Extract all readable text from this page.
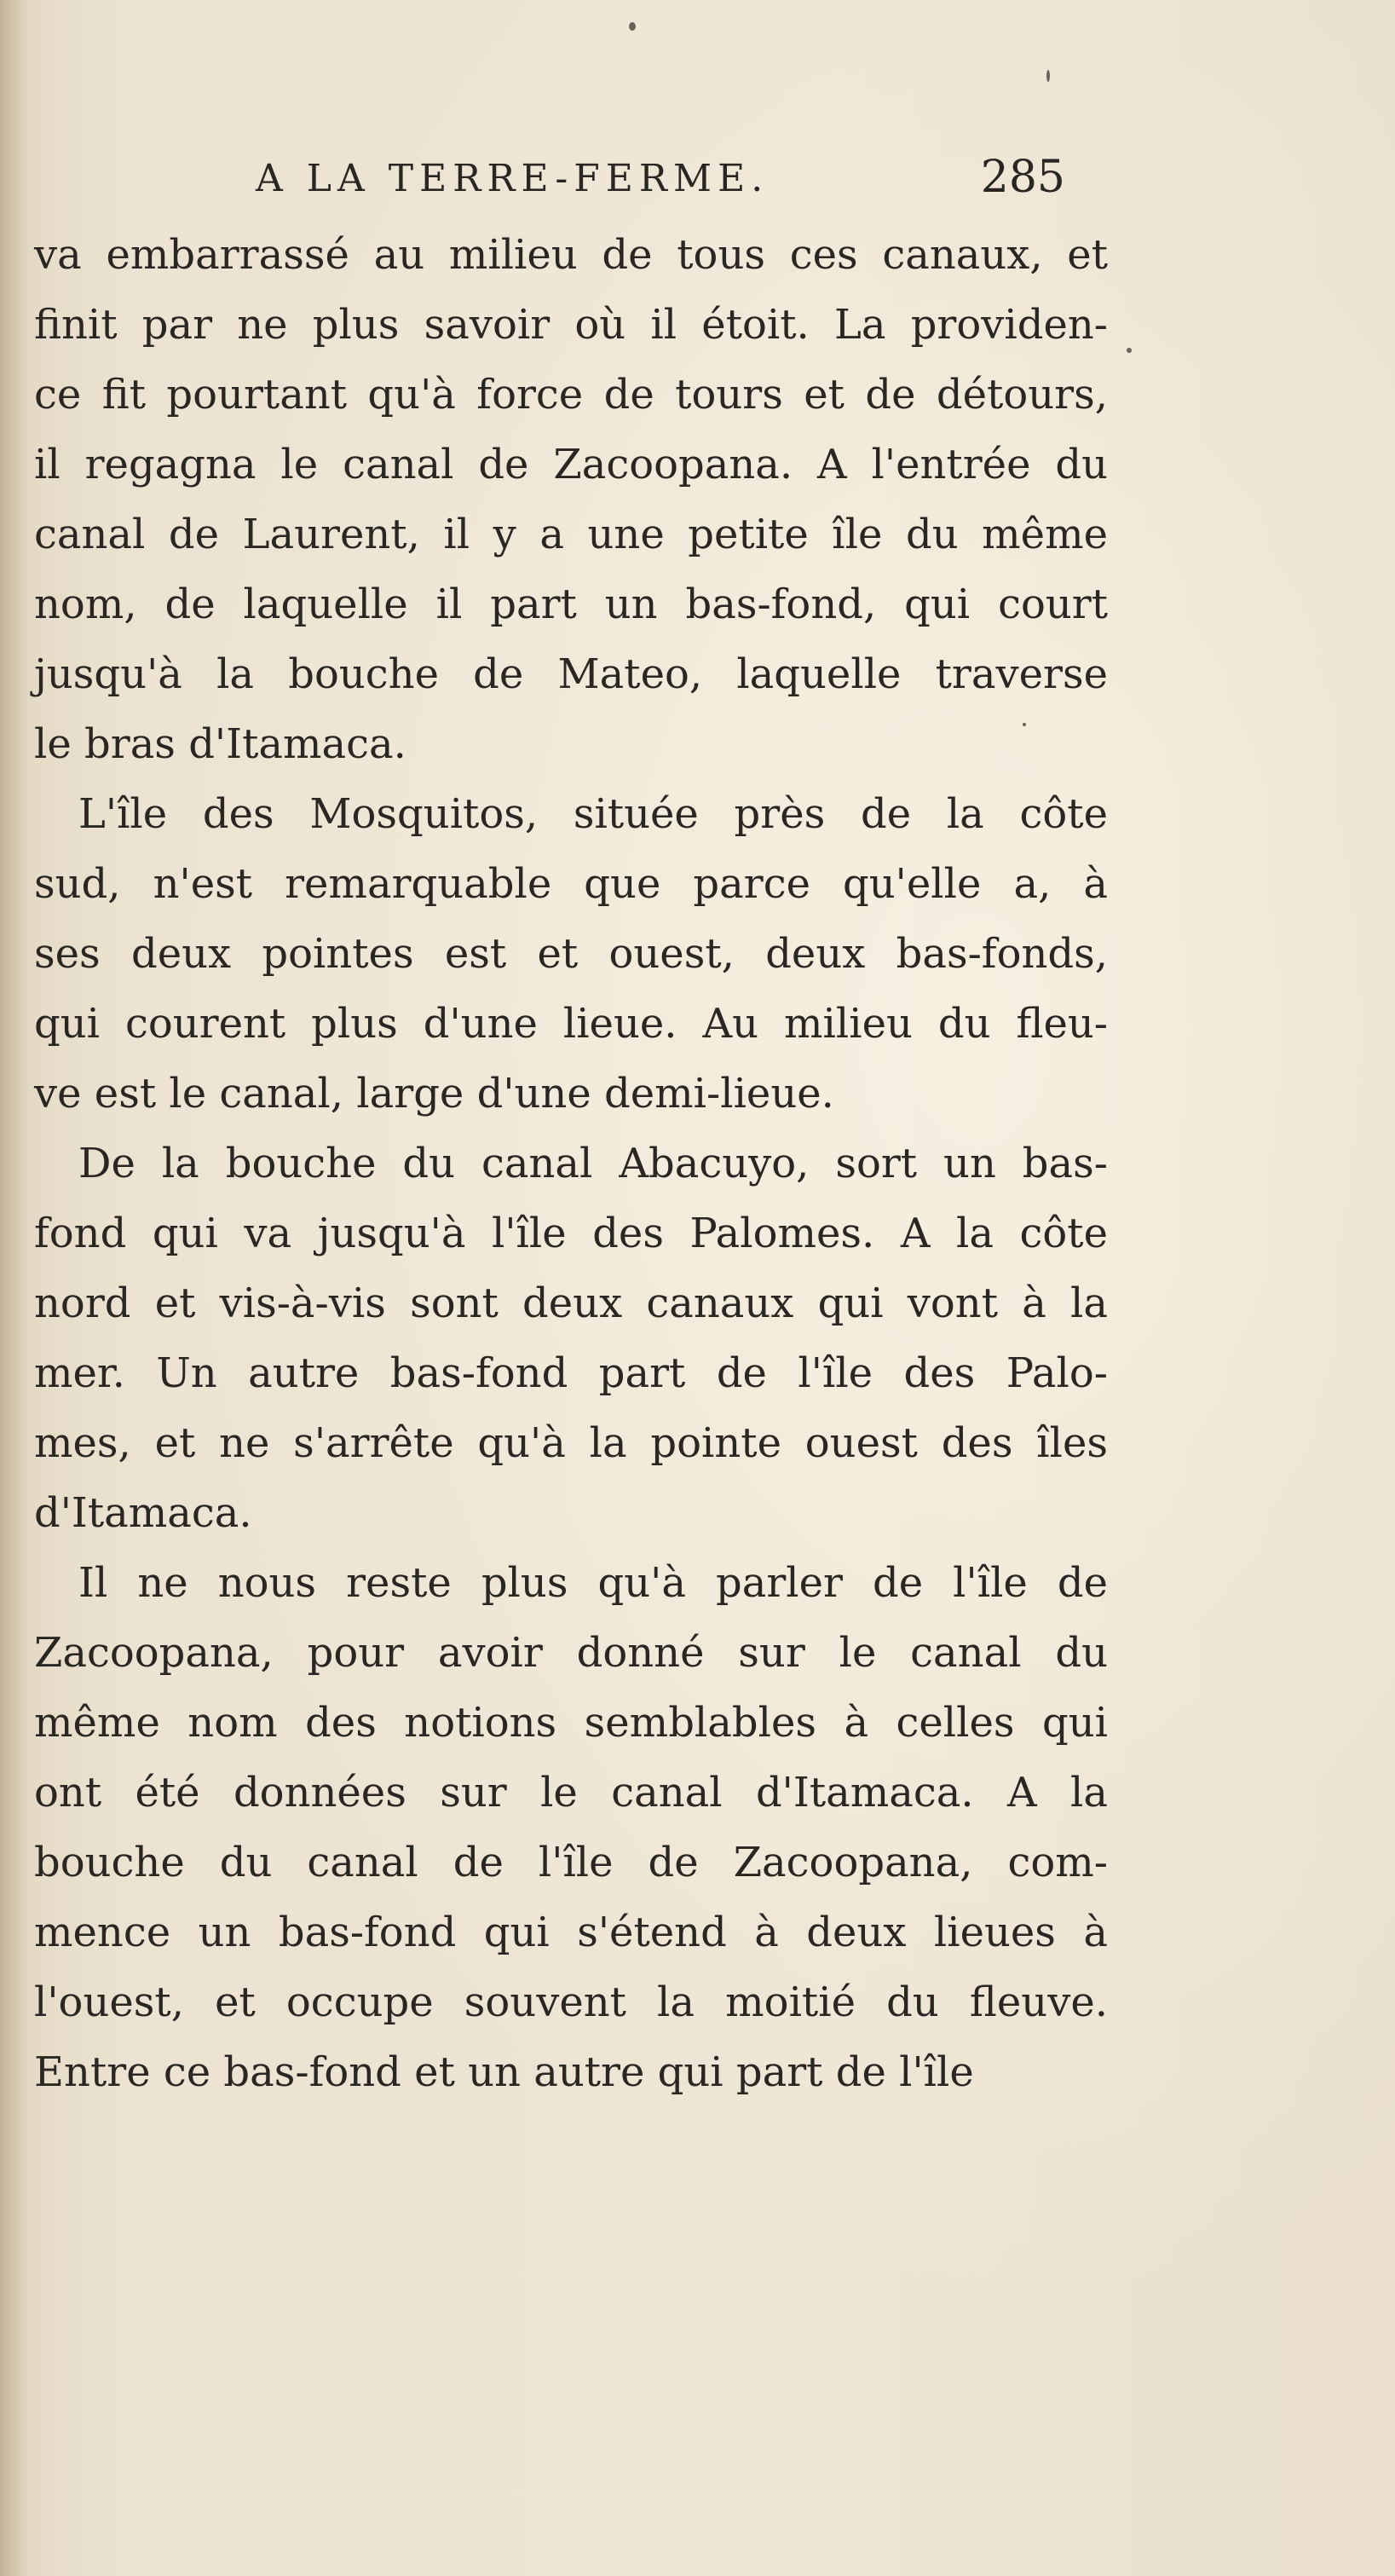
A LA TERRE-FERME.	285
va embarrassé au milieu de tous ces canaux, et
finit par ne plus savoir où il étoit. La providen-
ce fit pourtant qu'à force de tours et de détours,
il regagna le canal de Zacoopana. A l'entrée du
canal de Laurent, il y a une petite île du même
nom, de laquelle il part un bas-fond, qui court
jusqu'à la bouche de Mateo, laquelle traverse
le bras d'Itamaca.
L'île des Mosquitos, située près de la côte
sud, n'est remarquable que parce qu'elle a, à
ses deux pointes est et ouest, deux bas-fonds,
qui courent plus d'une lieue. Au milieu du fleu-
ve est le canal, large d'une demi-lieue.
De la bouche du canal Abacuyo, sort un bas-
fond qui va jusqu'à l'île des Palomes. A la côte
nord et vis-à-vis sont deux canaux qui vont à la
mer. Un autre bas-fond part de l'île des Palo-
mes, et ne s'arrête qu'à la pointe ouest des îles
d'Itamaca.
Il ne nous reste plus qu'à parler de l'île de
Zacoopana, pour avoir donné sur le canal du
même nom des notions semblables à celles qui
ont été données sur le canal d'Itamaca. A la
bouche du canal de l'île de Zacoopana, com-
mence un bas-fond qui s'étend à deux lieues à
l'ouest, et occupe souvent la moitié du fleuve.
Entre ce bas-fond et un autre qui part de l'île
